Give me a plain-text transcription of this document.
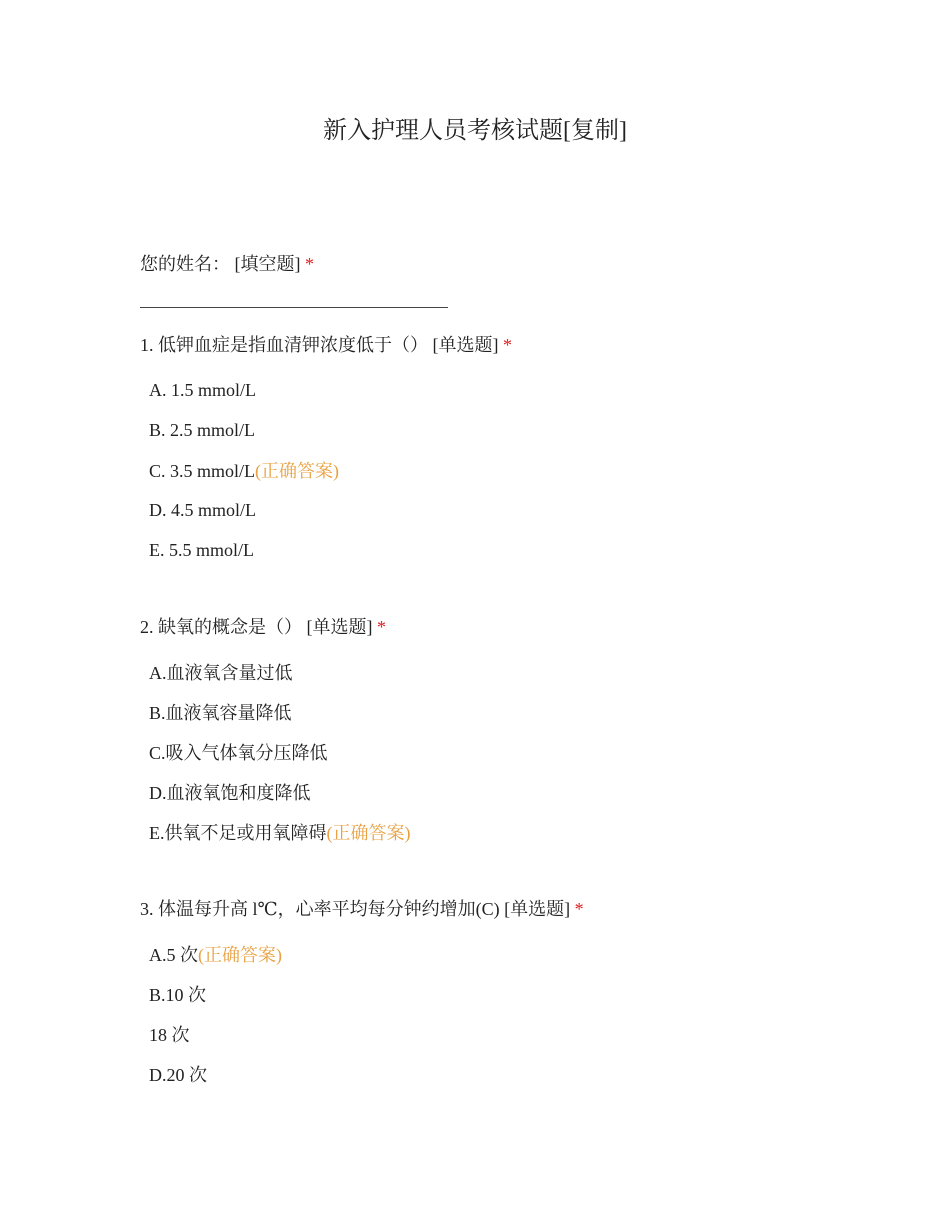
新入护理人员考核试题[复制]
您的姓名： [填空题] *
1. 低钾血症是指血清钾浓度低于（） [单选题] *
A. 1.5 mmol/L
B. 2.5 mmol/L
C. 3.5 mmol/L(正确答案)
D. 4.5 mmol/L
E. 5.5 mmol/L
2. 缺氧的概念是（） [单选题] *
A.血液氧含量过低
B.血液氧容量降低
C.吸入气体氧分压降低
D.血液氧饱和度降低
E.供氧不足或用氧障碍(正确答案)
3. 体温每升高 l℃，心率平均每分钟约增加(C) [单选题] *
A.5 次(正确答案)
B.10 次
18 次
D.20 次
